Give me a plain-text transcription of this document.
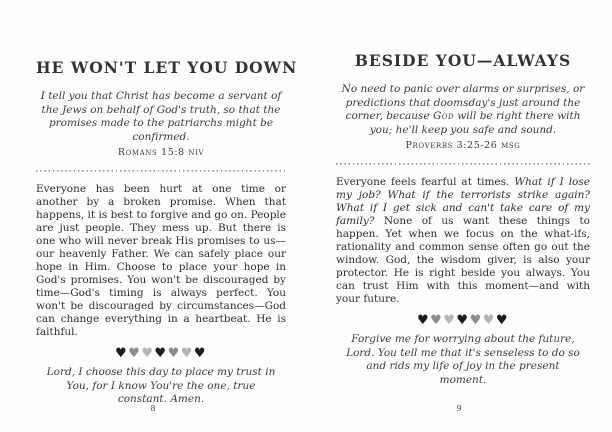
HE WON'T LET YOU DOWN
I tell you that Christ has become a servant of the Jews on behalf of God's truth, so that the promises made to the patriarchs might be confirmed.
Romans 15:8 niv
Everyone has been hurt at one time or another by a broken promise. When that happens, it is best to forgive and go on. People are just people. They mess up. But there is one who will never break His promises to us—our heavenly Father. We can safely place our hope in Him. Choose to place your hope in God's promises. You won't be discouraged by time—God's timing is always perfect. You won't be discouraged by circumstances—God can change everything in a heartbeat. He is faithful.
♥♥♥♥♥♥♥
Lord, I choose this day to place my trust in You, for I know You're the one, true constant. Amen.
8
BESIDE YOU—ALWAYS
No need to panic over alarms or surprises, or predictions that doomsday's just around the corner, because God will be right there with you; he'll keep you safe and sound.
Proverbs 3:25-26 msg
Everyone feels fearful at times. What if I lose my job? What if the terrorists strike again? What if I get sick and can't take care of my family? None of us want these things to happen. Yet when we focus on the what-ifs, rationality and common sense often go out the window. God, the wisdom giver, is also your protector. He is right beside you always. You can trust Him with this moment—and with your future.
♥♥♥♥♥♥♥
Forgive me for worrying about the future, Lord. You tell me that it's senseless to do so and rids my life of joy in the present moment.
9
